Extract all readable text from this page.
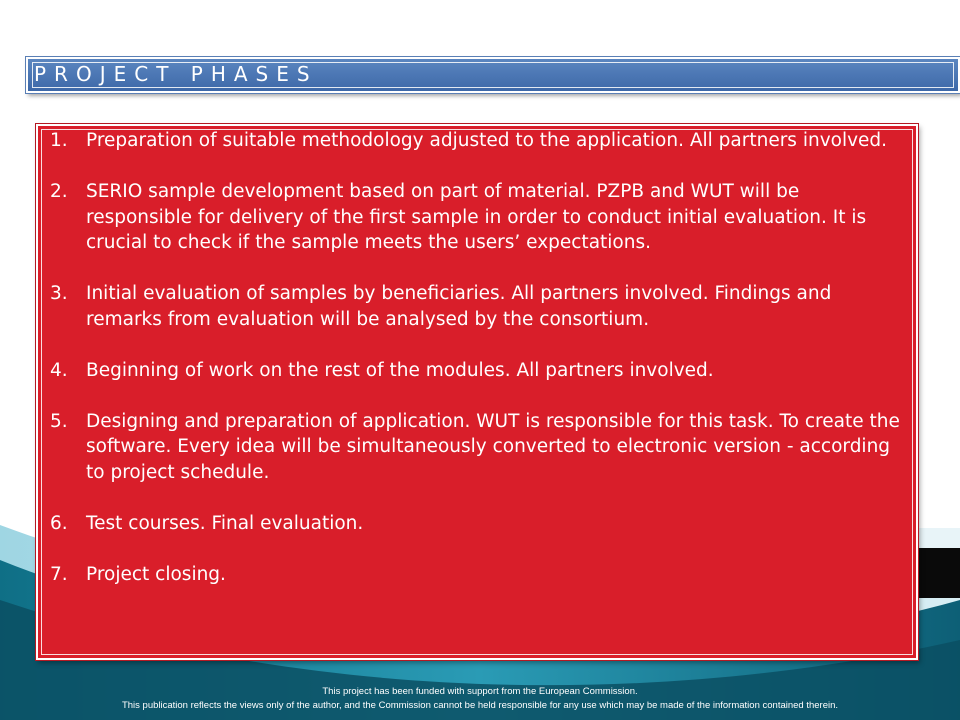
PROJECT PHASES
1. Preparation of suitable methodology adjusted to the application. All partners involved.
2. SERIO sample development based on part of material. PZPB and WUT will be responsible for delivery of the first sample in order to conduct initial evaluation. It is crucial to check if the sample meets the users’ expectations.
3. Initial evaluation of samples by beneficiaries. All partners involved. Findings and remarks from evaluation will be analysed by the consortium.
4. Beginning of work on the rest of the modules. All partners involved.
5. Designing and preparation of application. WUT is responsible for this task. To create the software. Every idea will be simultaneously converted to electronic version - according to project schedule.
6. Test courses. Final evaluation.
7. Project closing.
This project has been funded with support from the European Commission.
This publication reflects the views only of the author, and the Commission cannot be held responsible for any use which may be made of the information contained therein.
